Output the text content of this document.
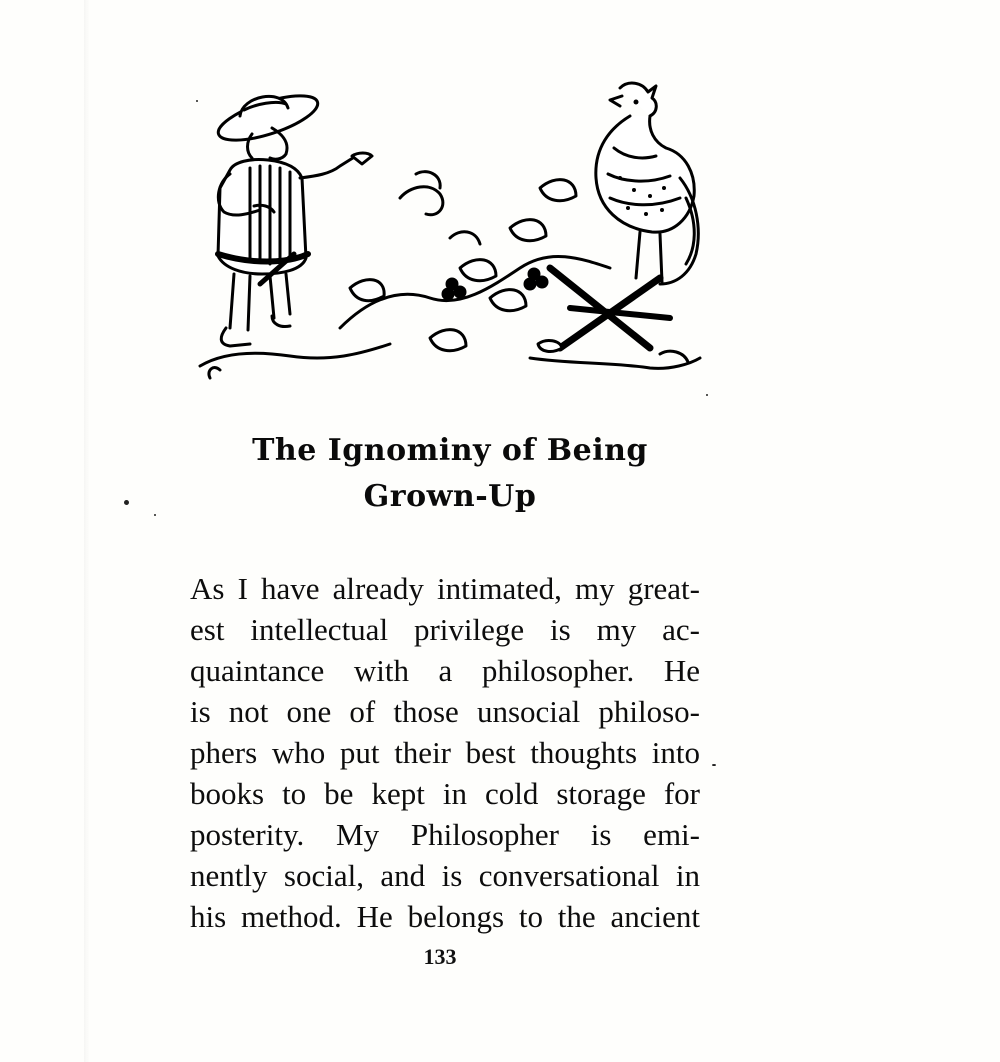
The Ignominy of Being
Grown-Up
As I have already intimated, my great-
est intellectual privilege is my ac-
quaintance with a philosopher. He
is not one of those unsocial philoso-
phers who put their best thoughts into
books to be kept in cold storage for
posterity. My Philosopher is emi-
nently social, and is conversational in
his method. He belongs to the ancient
133
